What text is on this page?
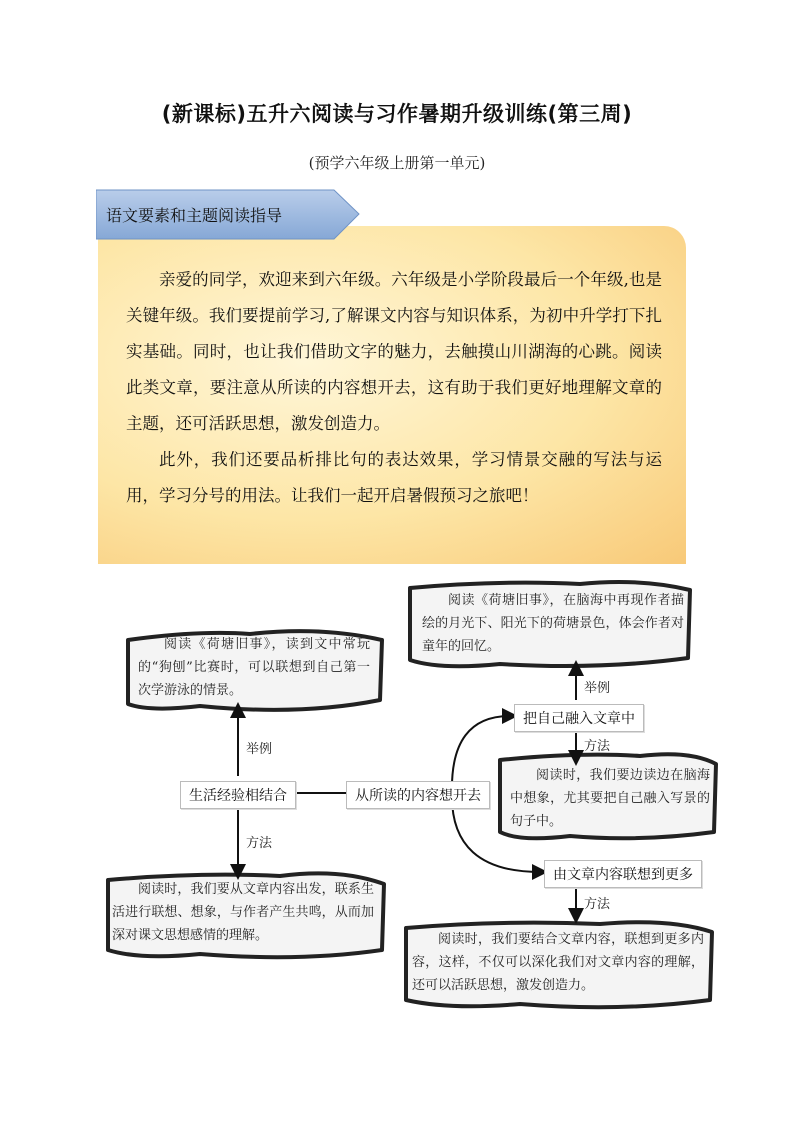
(新课标)五升六阅读与习作暑期升级训练(第三周)
(预学六年级上册第一单元)
语文要素和主题阅读指导

亲爱的同学，欢迎来到六年级。六年级是小学阶段最后一个年级,也是关键年级。我们要提前学习,了解课文内容与知识体系，为初中升学打下扎实基础。同时，也让我们借助文字的魅力，去触摸山川湖海的心跳。阅读此类文章，要注意从所读的内容想开去，这有助于我们更好地理解文章的主题，还可活跃思想，激发创造力。

此外，我们还要品析排比句的表达效果，学习情景交融的写法与运用，学习分号的用法。让我们一起开启暑假预习之旅吧！

阅读《荷塘旧事》，读到文中常玩的“狗刨”比赛时，可以联想到自己第一次学游泳的情景。
阅读时，我们要从文章内容出发，联系生活进行联想、想象，与作者产生共鸣，从而加深对课文思想感情的理解。
阅读《荷塘旧事》，在脑海中再现作者描绘的月光下、阳光下的荷塘景色，体会作者对童年的回忆。
阅读时，我们要边读边在脑海中想象，尤其要把自己融入写景的句子中。
阅读时，我们要结合文章内容，联想到更多内容，这样，不仅可以深化我们对文章内容的理解，还可以活跃思想，激发创造力。
从所读的内容想开去
生活经验相结合
把自己融入文章中
由文章内容联想到更多
举例
方法
举例
方法
方法
